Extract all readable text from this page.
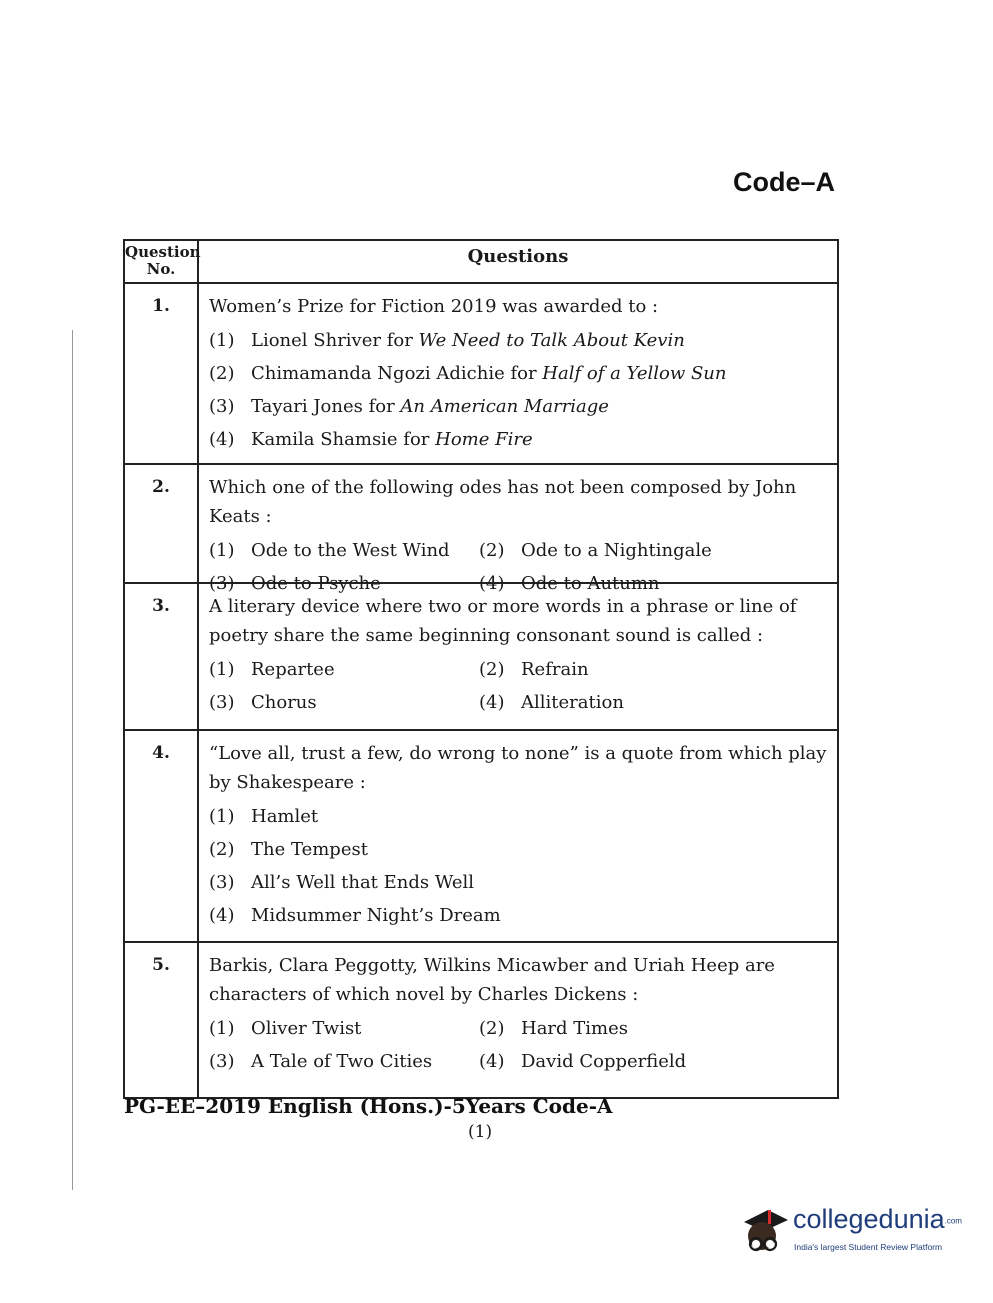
Code–A
Question No.
Questions
1.	Women’s Prize for Fiction 2019 was awarded to :
(1) Lionel Shriver for We Need to Talk About Kevin
(2) Chimamanda Ngozi Adichie for Half of a Yellow Sun
(3) Tayari Jones for An American Marriage
(4) Kamila Shamsie for Home Fire
2.	Which one of the following odes has not been composed by John Keats :
(1) Ode to the West Wind	(2) Ode to a Nightingale
(3) Ode to Psyche	(4) Ode to Autumn
3.	A literary device where two or more words in a phrase or line of poetry share the same beginning consonant sound is called :
(1) Repartee	(2) Refrain
(3) Chorus	(4) Alliteration
4.	“Love all, trust a few, do wrong to none” is a quote from which play by Shakespeare :
(1) Hamlet
(2) The Tempest
(3) All’s Well that Ends Well
(4) Midsummer Night’s Dream
5.	Barkis, Clara Peggotty, Wilkins Micawber and Uriah Heep are characters of which novel by Charles Dickens :
(1) Oliver Twist	(2) Hard Times
(3) A Tale of Two Cities	(4) David Copperfield
PG-EE–2019 English (Hons.)-5Years Code-A
(1)
collegedunia.com
India's largest Student Review Platform
